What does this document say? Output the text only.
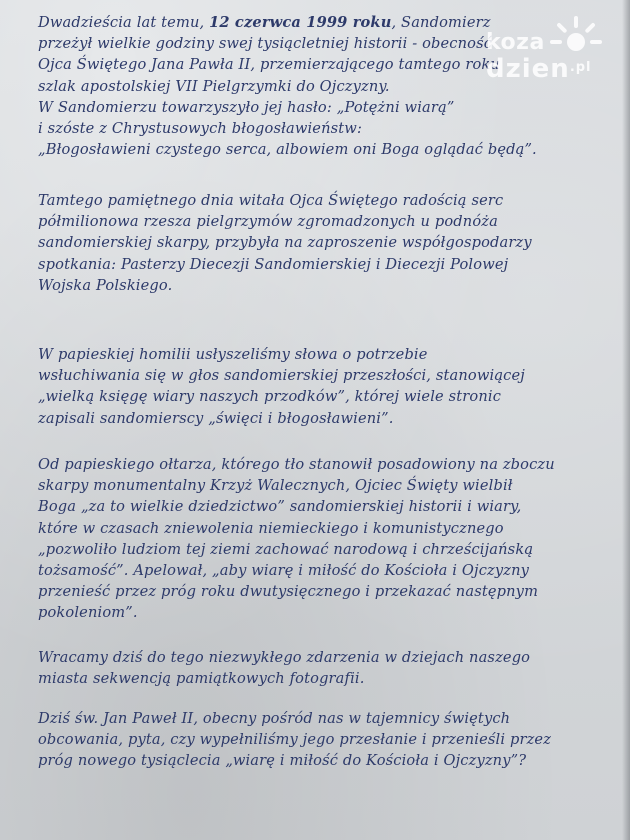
Dwadzieścia lat temu, 12 czerwca 1999 roku, Sandomierz
przeżył wielkie godziny swej tysiącletniej historii - obecność
Ojca Świętego Jana Pawła II, przemierzającego tamtego roku
szlak apostolskiej VII Pielgrzymki do Ojczyzny.
W Sandomierzu towarzyszyło jej hasło: „Potężni wiarą”
i szóste z Chrystusowych błogosławieństw:
„Błogosławieni czystego serca, albowiem oni Boga oglądać będą”.
Tamtego pamiętnego dnia witała Ojca Świętego radością serc
półmilionowa rzesza pielgrzymów zgromadzonych u podnóża
sandomierskiej skarpy, przybyła na zaproszenie współgospodarzy
spotkania: Pasterzy Diecezji Sandomierskiej i Diecezji Polowej
Wojska Polskiego.
W papieskiej homilii usłyszeliśmy słowa o potrzebie
wsłuchiwania się w głos sandomierskiej przeszłości, stanowiącej
„wielką księgę wiary naszych przodków”, której wiele stronic
zapisali sandomierscy „święci i błogosławieni”.
Od papieskiego ołtarza, którego tło stanowił posadowiony na zboczu
skarpy monumentalny Krzyż Walecznych, Ojciec Święty wielbił
Boga „za to wielkie dziedzictwo” sandomierskiej historii i wiary,
które w czasach zniewolenia niemieckiego i komunistycznego
„pozwoliło ludziom tej ziemi zachować narodową i chrześcijańską
tożsamość”. Apelował, „aby wiarę i miłość do Kościoła i Ojczyzny
przenieść przez próg roku dwutysięcznego i przekazać następnym
pokoleniom”.
Wracamy dziś do tego niezwykłego zdarzenia w dziejach naszego
miasta sekwencją pamiątkowych fotografii.
Dziś św. Jan Paweł II, obecny pośród nas w tajemnicy świętych
obcowania, pyta, czy wypełniliśmy jego przesłanie i przenieśli przez
próg nowego tysiąclecia „wiarę i miłość do Kościoła i Ojczyzny”?
koza
dzien$^{.pl}$
